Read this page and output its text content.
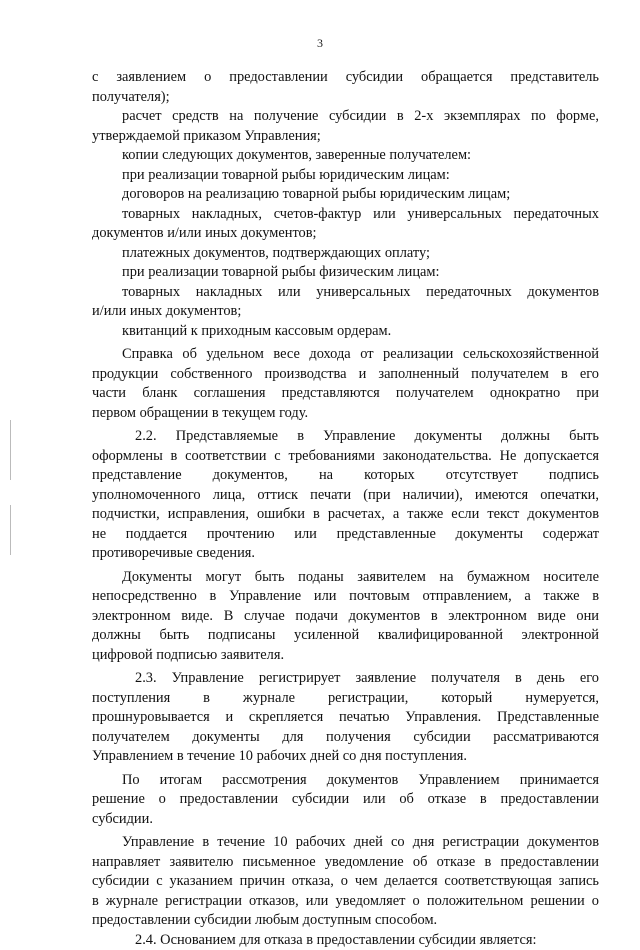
3
с заявлением о предоставлении субсидии обращается представитель
получателя);
расчет средств на получение субсидии в 2-х экземплярах по форме,
утверждаемой приказом Управления;
копии следующих документов, заверенные получателем:
при реализации товарной рыбы юридическим лицам:
договоров на реализацию товарной рыбы юридическим лицам;
товарных накладных, счетов-фактур или универсальных передаточных
документов и/или иных документов;
платежных документов, подтверждающих оплату;
при реализации товарной рыбы физическим лицам:
товарных накладных или универсальных передаточных документов
и/или иных документов;
квитанций к приходным кассовым ордерам.
Справка об удельном весе дохода от реализации сельскохозяйственной
продукции собственного производства и заполненный получателем в его
части бланк соглашения представляются получателем однократно при
первом обращении в текущем году.
2.2. Представляемые в Управление документы должны быть
оформлены в соответствии с требованиями законодательства. Не допускается
представление документов, на которых отсутствует подпись
уполномоченного лица, оттиск печати (при наличии), имеются опечатки,
подчистки, исправления, ошибки в расчетах, а также если текст документов
не поддается прочтению или представленные документы содержат
противоречивые сведения.
Документы могут быть поданы заявителем на бумажном носителе
непосредственно в Управление или почтовым отправлением, а также в
электронном виде. В случае подачи документов в электронном виде они
должны быть подписаны усиленной квалифицированной электронной
цифровой подписью заявителя.
2.3. Управление регистрирует заявление получателя в день его
поступления в журнале регистрации, который нумеруется,
прошнуровывается и скрепляется печатью Управления. Представленные
получателем документы для получения субсидии рассматриваются
Управлением в течение 10 рабочих дней со дня поступления.
По итогам рассмотрения документов Управлением принимается
решение о предоставлении субсидии или об отказе в предоставлении
субсидии.
Управление в течение 10 рабочих дней со дня регистрации документов
направляет заявителю письменное уведомление об отказе в предоставлении
субсидии с указанием причин отказа, о чем делается соответствующая запись
в журнале регистрации отказов, или уведомляет о положительном решении о
предоставлении субсидии любым доступным способом.
2.4. Основанием для отказа в предоставлении субсидии является:
